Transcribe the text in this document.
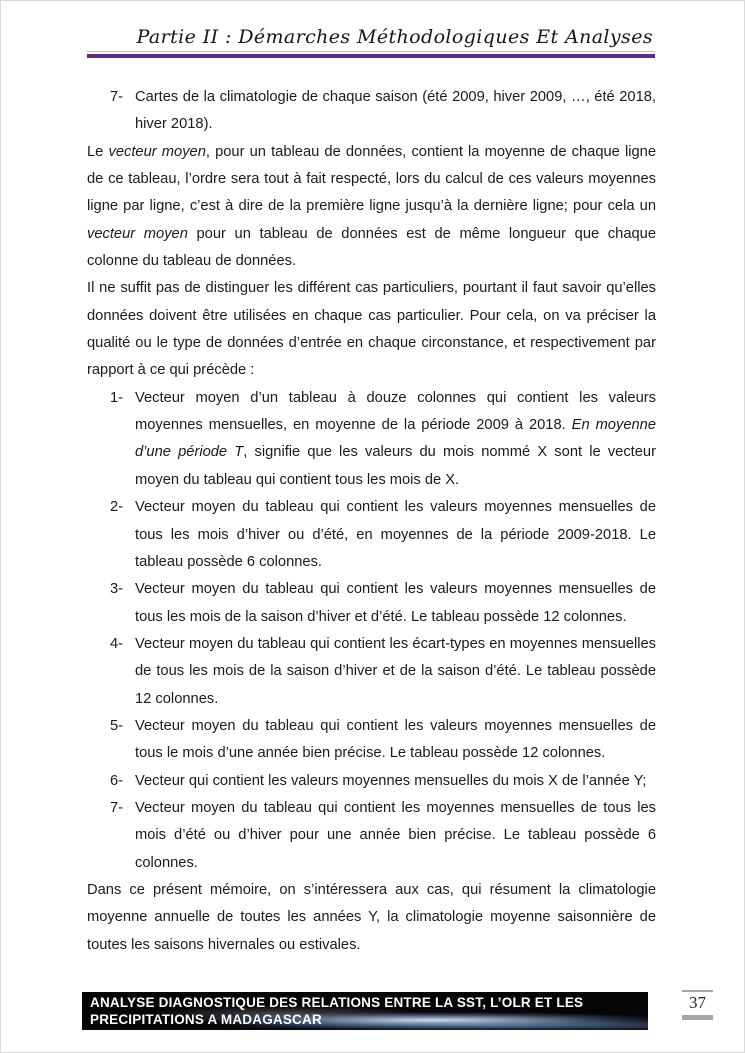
Partie II : Démarches Méthodologiques Et Analyses
7- Cartes de la climatologie de chaque saison (été 2009, hiver 2009, …, été 2018, hiver 2018).
Le vecteur moyen, pour un tableau de données, contient la moyenne de chaque ligne de ce tableau, l’ordre sera tout à fait respecté, lors du calcul de ces valeurs moyennes ligne par ligne, c’est à dire de la première ligne jusqu’à la dernière ligne; pour cela un vecteur moyen pour un tableau de données est de même longueur que chaque colonne du tableau de données.
Il ne suffit pas de distinguer les différent cas particuliers, pourtant il faut savoir qu’elles données doivent être utilisées en chaque cas particulier. Pour cela, on va préciser la qualité ou le type de données d’entrée en chaque circonstance, et respectivement par rapport à ce qui précède :
1- Vecteur moyen d’un tableau à douze colonnes qui contient les valeurs moyennes mensuelles, en moyenne de la période 2009 à 2018. En moyenne d’une période T, signifie que les valeurs du mois nommé X sont le vecteur moyen du tableau qui contient tous les mois de X.
2- Vecteur moyen du tableau qui contient les valeurs moyennes mensuelles de tous les mois d’hiver ou d’été, en moyennes de la période 2009-2018. Le tableau possède 6 colonnes.
3- Vecteur moyen du tableau qui contient les valeurs moyennes mensuelles de tous les mois de la saison d’hiver et d’été. Le tableau possède 12 colonnes.
4- Vecteur moyen du tableau qui contient les écart-types en moyennes mensuelles de tous les mois de la saison d’hiver et de la saison d’été. Le tableau possède 12 colonnes.
5- Vecteur moyen du tableau qui contient les valeurs moyennes mensuelles de tous le mois d’une année bien précise. Le tableau possède 12 colonnes.
6- Vecteur qui contient les valeurs moyennes mensuelles du mois X de l’année Y;
7- Vecteur moyen du tableau qui contient les moyennes mensuelles de tous les mois d’été ou d’hiver pour une année bien précise. Le tableau possède 6 colonnes.
Dans ce présent mémoire, on s’intéressera aux cas, qui résument la climatologie moyenne annuelle de toutes les années Y, la climatologie moyenne saisonnière de toutes les saisons hivernales ou estivales.
ANALYSE DIAGNOSTIQUE DES RELATIONS ENTRE LA SST, L’OLR ET LES
PRECIPITATIONS A MADAGASCAR
37
